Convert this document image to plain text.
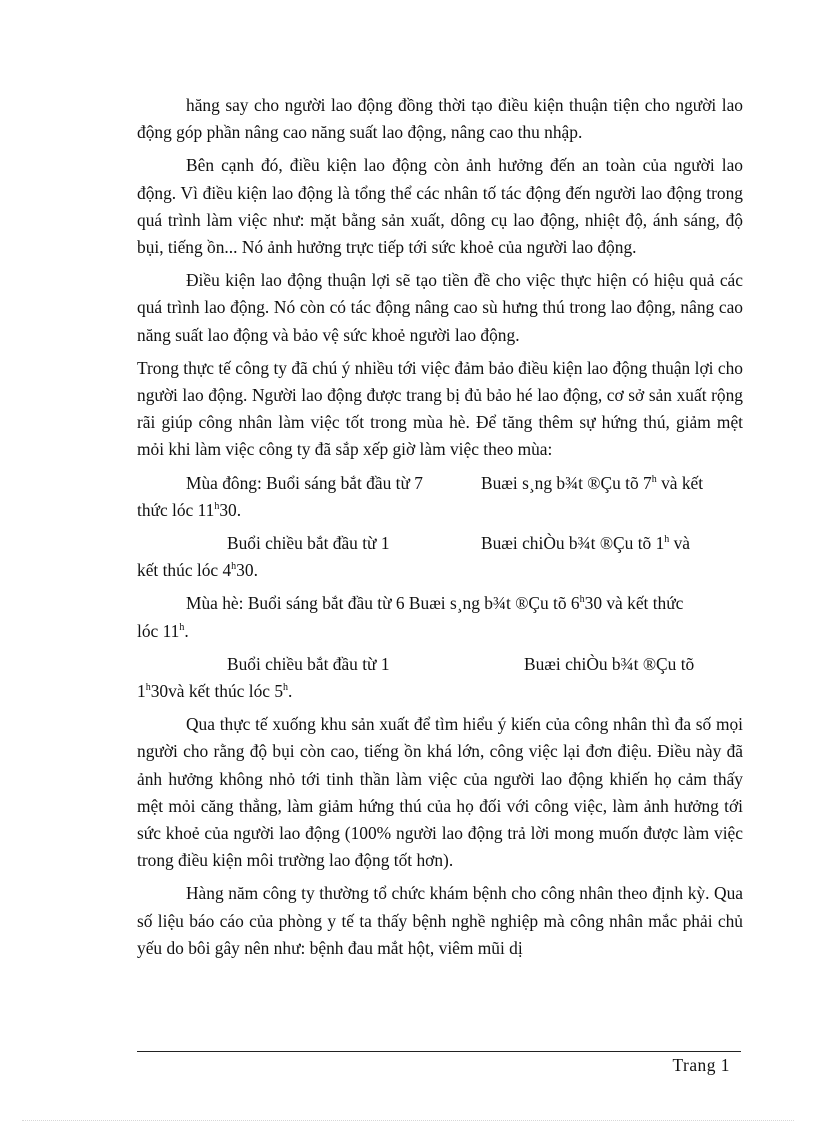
hăng say cho người lao động đồng thời tạo điều kiện thuận tiện cho người lao động góp phần nâng cao năng suất lao động, nâng cao thu nhập.

Bên cạnh đó, điều kiện lao động còn ảnh hưởng đến an toàn của người lao động. Vì điều kiện lao động là tổng thể các nhân tố tác động đến người lao động trong quá trình làm việc như: mặt bằng sản xuất, dông cụ lao động, nhiệt độ, ánh sáng, độ bụi, tiếng ồn... Nó ảnh hưởng trực tiếp tới sức khoẻ của người lao động.

Điều kiện lao động thuận lợi sẽ tạo tiền đề cho việc thực hiện có hiệu quả các quá trình lao động. Nó còn có tác động nâng cao sù hưng thú trong lao động, nâng cao năng suất lao động và bảo vệ sức khoẻ người lao động.

Trong thực tế công ty đã chú ý nhiều tới việc đảm bảo điều kiện lao động thuận lợi cho người lao động. Người lao động được trang bị đủ bảo hé lao động, cơ sở sản xuất rộng rãi giúp công nhân làm việc tốt trong mùa hè. Để tăng thêm sự hứng thú, giảm mệt mỏi khi làm việc công ty đã sắp xếp giờ làm việc theo mùa:

Mùa đông: Buổi sáng bắt đầu từ 7	Buæi s¸ng b¾t ®Çu tõ 7$^h$ và kết
thức lóc 11$^h$30.
Buổi chiều bắt đầu từ 1	Buæi chiÒu b¾t ®Çu tõ 1$^h$ và
kết thúc lóc 4$^h$30.
Mùa hè: Buổi sáng bắt đầu từ 6 Buæi s¸ng b¾t ®Çu tõ 6$^h$30 và kết thức
lóc 11$^h$.
Buổi chiều bắt đầu từ 1	Buæi chiÒu b¾t ®Çu tõ
1$^h$30và kết thúc lóc 5$^h$.

Qua thực tế xuống khu sản xuất để tìm hiểu ý kiến của công nhân thì đa số mọi người cho rằng độ bụi còn cao, tiếng ồn khá lớn, công việc lại đơn điệu. Điều này đã ảnh hưởng không nhỏ tới tinh thần làm việc của người lao động khiến họ cảm thấy mệt mỏi căng thẳng, làm giảm hứng thú của họ đối với công việc, làm ảnh hưởng tới sức khoẻ của người lao động (100% người lao động trả lời mong muốn được làm việc trong điều kiện môi trường lao động tốt hơn).

Hàng năm công ty thường tổ chức khám bệnh cho công nhân theo định kỳ. Qua số liệu báo cáo của phòng y tế ta thấy bệnh nghề nghiệp mà công nhân mắc phải chủ yếu do bôi gây nên như: bệnh đau mắt hột, viêm mũi dị

Trang 1
